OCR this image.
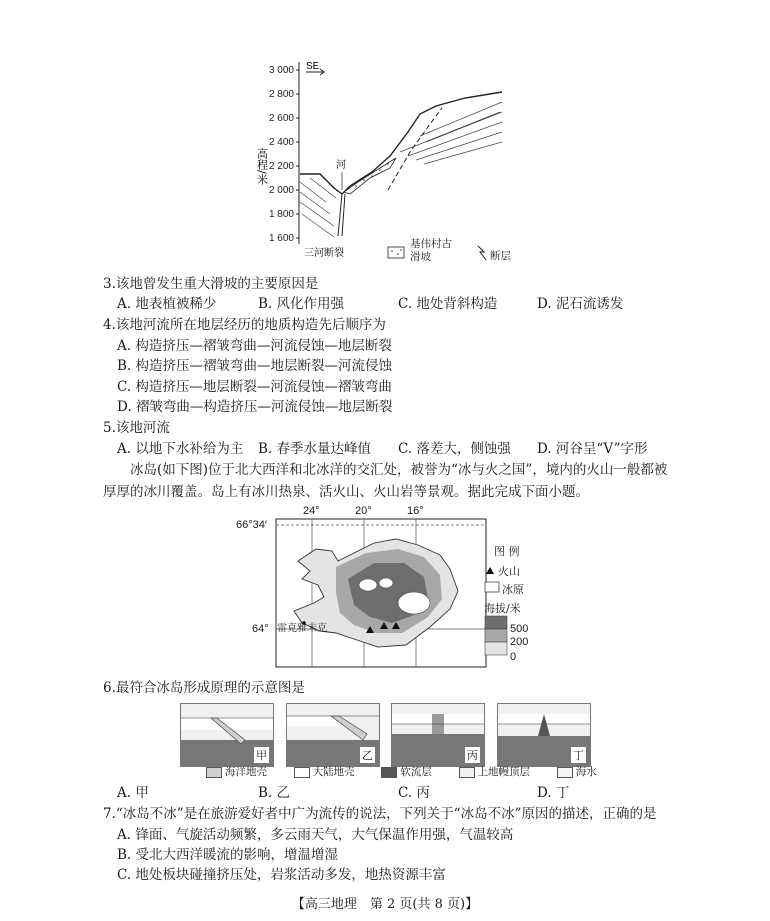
3 000
2 800
2 600
2 400
2 200
2 000
1 800
1 600
SE
河
高程/米
三河断裂
基伟村古滑坡	断层
3.该地曾发生重大滑坡的主要原因是
A. 地表植被稀少	B. 风化作用强	C. 地处背斜构造	D. 泥石流诱发
4.该地河流所在地层经历的地质构造先后顺序为
A. 构造挤压—褶皱弯曲—河流侵蚀—地层断裂
B. 构造挤压—褶皱弯曲—地层断裂—河流侵蚀
C. 构造挤压—地层断裂—河流侵蚀—褶皱弯曲
D. 褶皱弯曲—构造挤压—河流侵蚀—地层断裂
5.该地河流
A. 以地下水补给为主 B. 春季水量达峰值 C. 落差大，侧蚀强 D. 河谷呈“V”字形
冰岛(如下图)位于北大西洋和北冰洋的交汇处，被誉为“冰与火之国”，境内的火山一般都被厚厚的冰川覆盖。岛上有冰川热泉、活火山、火山岩等景观。据此完成下面小题。
66°34′
64°
24°	20°	16°
雷克雅未克
图 例
火山
冰原
海拔/米
500
200
0
6.最符合冰岛形成原理的示意图是
甲	乙	丙	丁
海洋地壳	大陆地壳	软流层	上地幔顶层	海水
A. 甲	B. 乙	C. 丙	D. 丁
7.“冰岛不冰”是在旅游爱好者中广为流传的说法，下列关于“冰岛不冰”原因的描述，正确的是
A. 锋面、气旋活动频繁，多云雨天气，大气保温作用强，气温较高
B. 受北大西洋暖流的影响，增温增湿
C. 地处板块碰撞挤压处，岩浆活动多发，地热资源丰富
【高三地理　第 2 页(共 8 页)】
